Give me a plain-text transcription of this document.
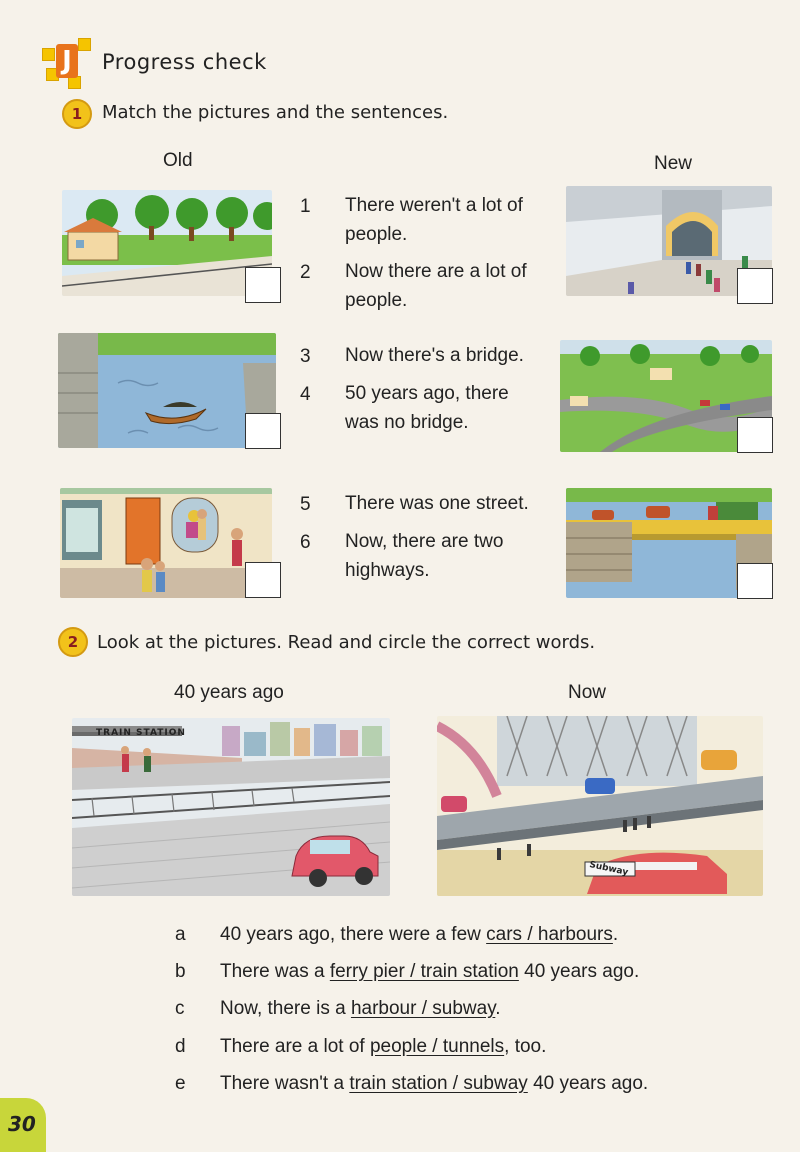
J Progress check
1	Match the pictures and the sentences.
Old	New
1 There weren't a lot of people.
2 Now there are a lot of people.
3 Now there's a bridge.
4 50 years ago, there was no bridge.
5 There was one street.
6 Now, there are two highways.
2	Look at the pictures. Read and circle the correct words.
40 years ago	Now
TRAIN STATION
Subway
a 40 years ago, there were a few cars / harbours.
b There was a ferry pier / train station 40 years ago.
c Now, there is a harbour / subway.
d There are a lot of people / tunnels, too.
e There wasn't a train station / subway 40 years ago.
30
